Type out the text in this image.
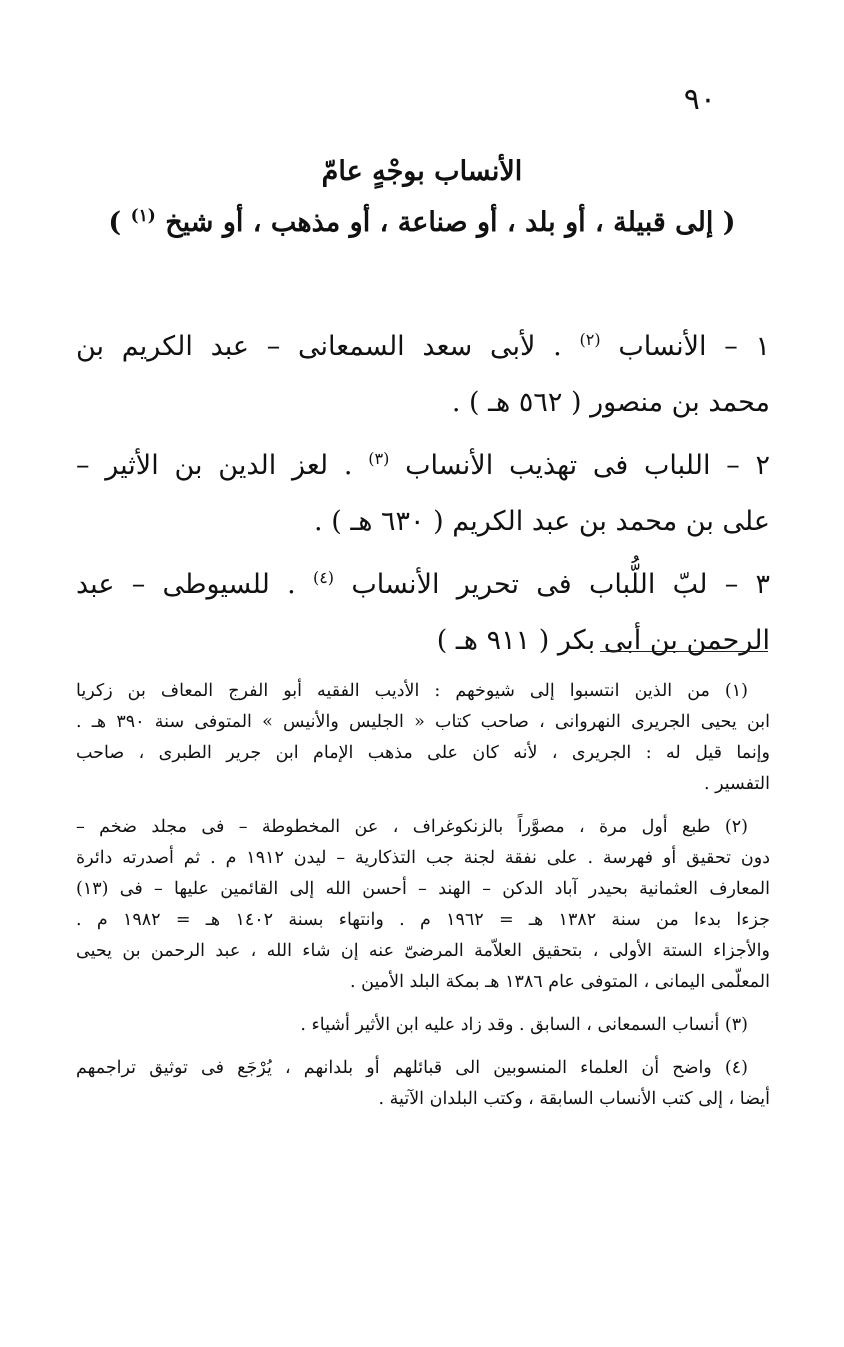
٩٠
الأنساب بوجْهٍ عامّ
( إلى قبيلة ، أو بلد ، أو صناعة ، أو مذهب ، أو شيخ $^{(١)}$ )
١ – الأنساب $^{(٢)}$ . لأبى سعد السمعانى – عبد الكريم بن
محمد بن منصور ( ٥٦٢ هـ ) .
٢ – اللباب فى تهذيب الأنساب $^{(٣)}$ . لعز الدين بن الأثير –
على بن محمد بن عبد الكريم ( ٦٣٠ هـ ) .
٣ – لبّ اللُّباب فى تحرير الأنساب $^{(٤)}$ . للسيوطى – عبد
الرحمن بن أبى بكر ( ٩١١ هـ )
(١) من الذين انتسبوا إلى شيوخهم : الأديب الفقيه أبو الفرج المعاف بن زكريا
ابن يحيى الجريرى النهروانى ، صاحب كتاب « الجليس والأنيس » المتوفى سنة ٣٩٠ هـ .
وإنما قيل له : الجريرى ، لأنه كان على مذهب الإمام ابن جرير الطبرى ، صاحب
التفسير .
(٢) طبع أول مرة ، مصوَّراً بالزنكوغراف ، عن المخطوطة – فى مجلد ضخم –
دون تحقيق أو فهرسة . على نفقة لجنة جب التذكارية – ليدن ١٩١٢ م . ثم أصدرته دائرة
المعارف العثمانية بحيدر آباد الدكن – الهند – أحسن الله إلى القائمين عليها – فى (١٣)
جزءا بدءا من سنة ١٣٨٢ هـ = ١٩٦٢ م . وانتهاء بسنة ١٤٠٢ هـ = ١٩٨٢ م .
والأجزاء الستة الأولى ، بتحقيق العلاّمة المرضىّ عنه إن شاء الله ، عبد الرحمن بن يحيى
المعلّمى اليمانى ، المتوفى عام ١٣٨٦ هـ بمكة البلد الأمين .
(٣) أنساب السمعانى ، السابق . وقد زاد عليه ابن الأثير أشياء .
(٤) واضح أن العلماء المنسوبين الى قبائلهم أو بلدانهم ، يُرْجَع فى توثيق تراجمهم
أيضا ، إلى كتب الأنساب السابقة ، وكتب البلدان الآتية .
